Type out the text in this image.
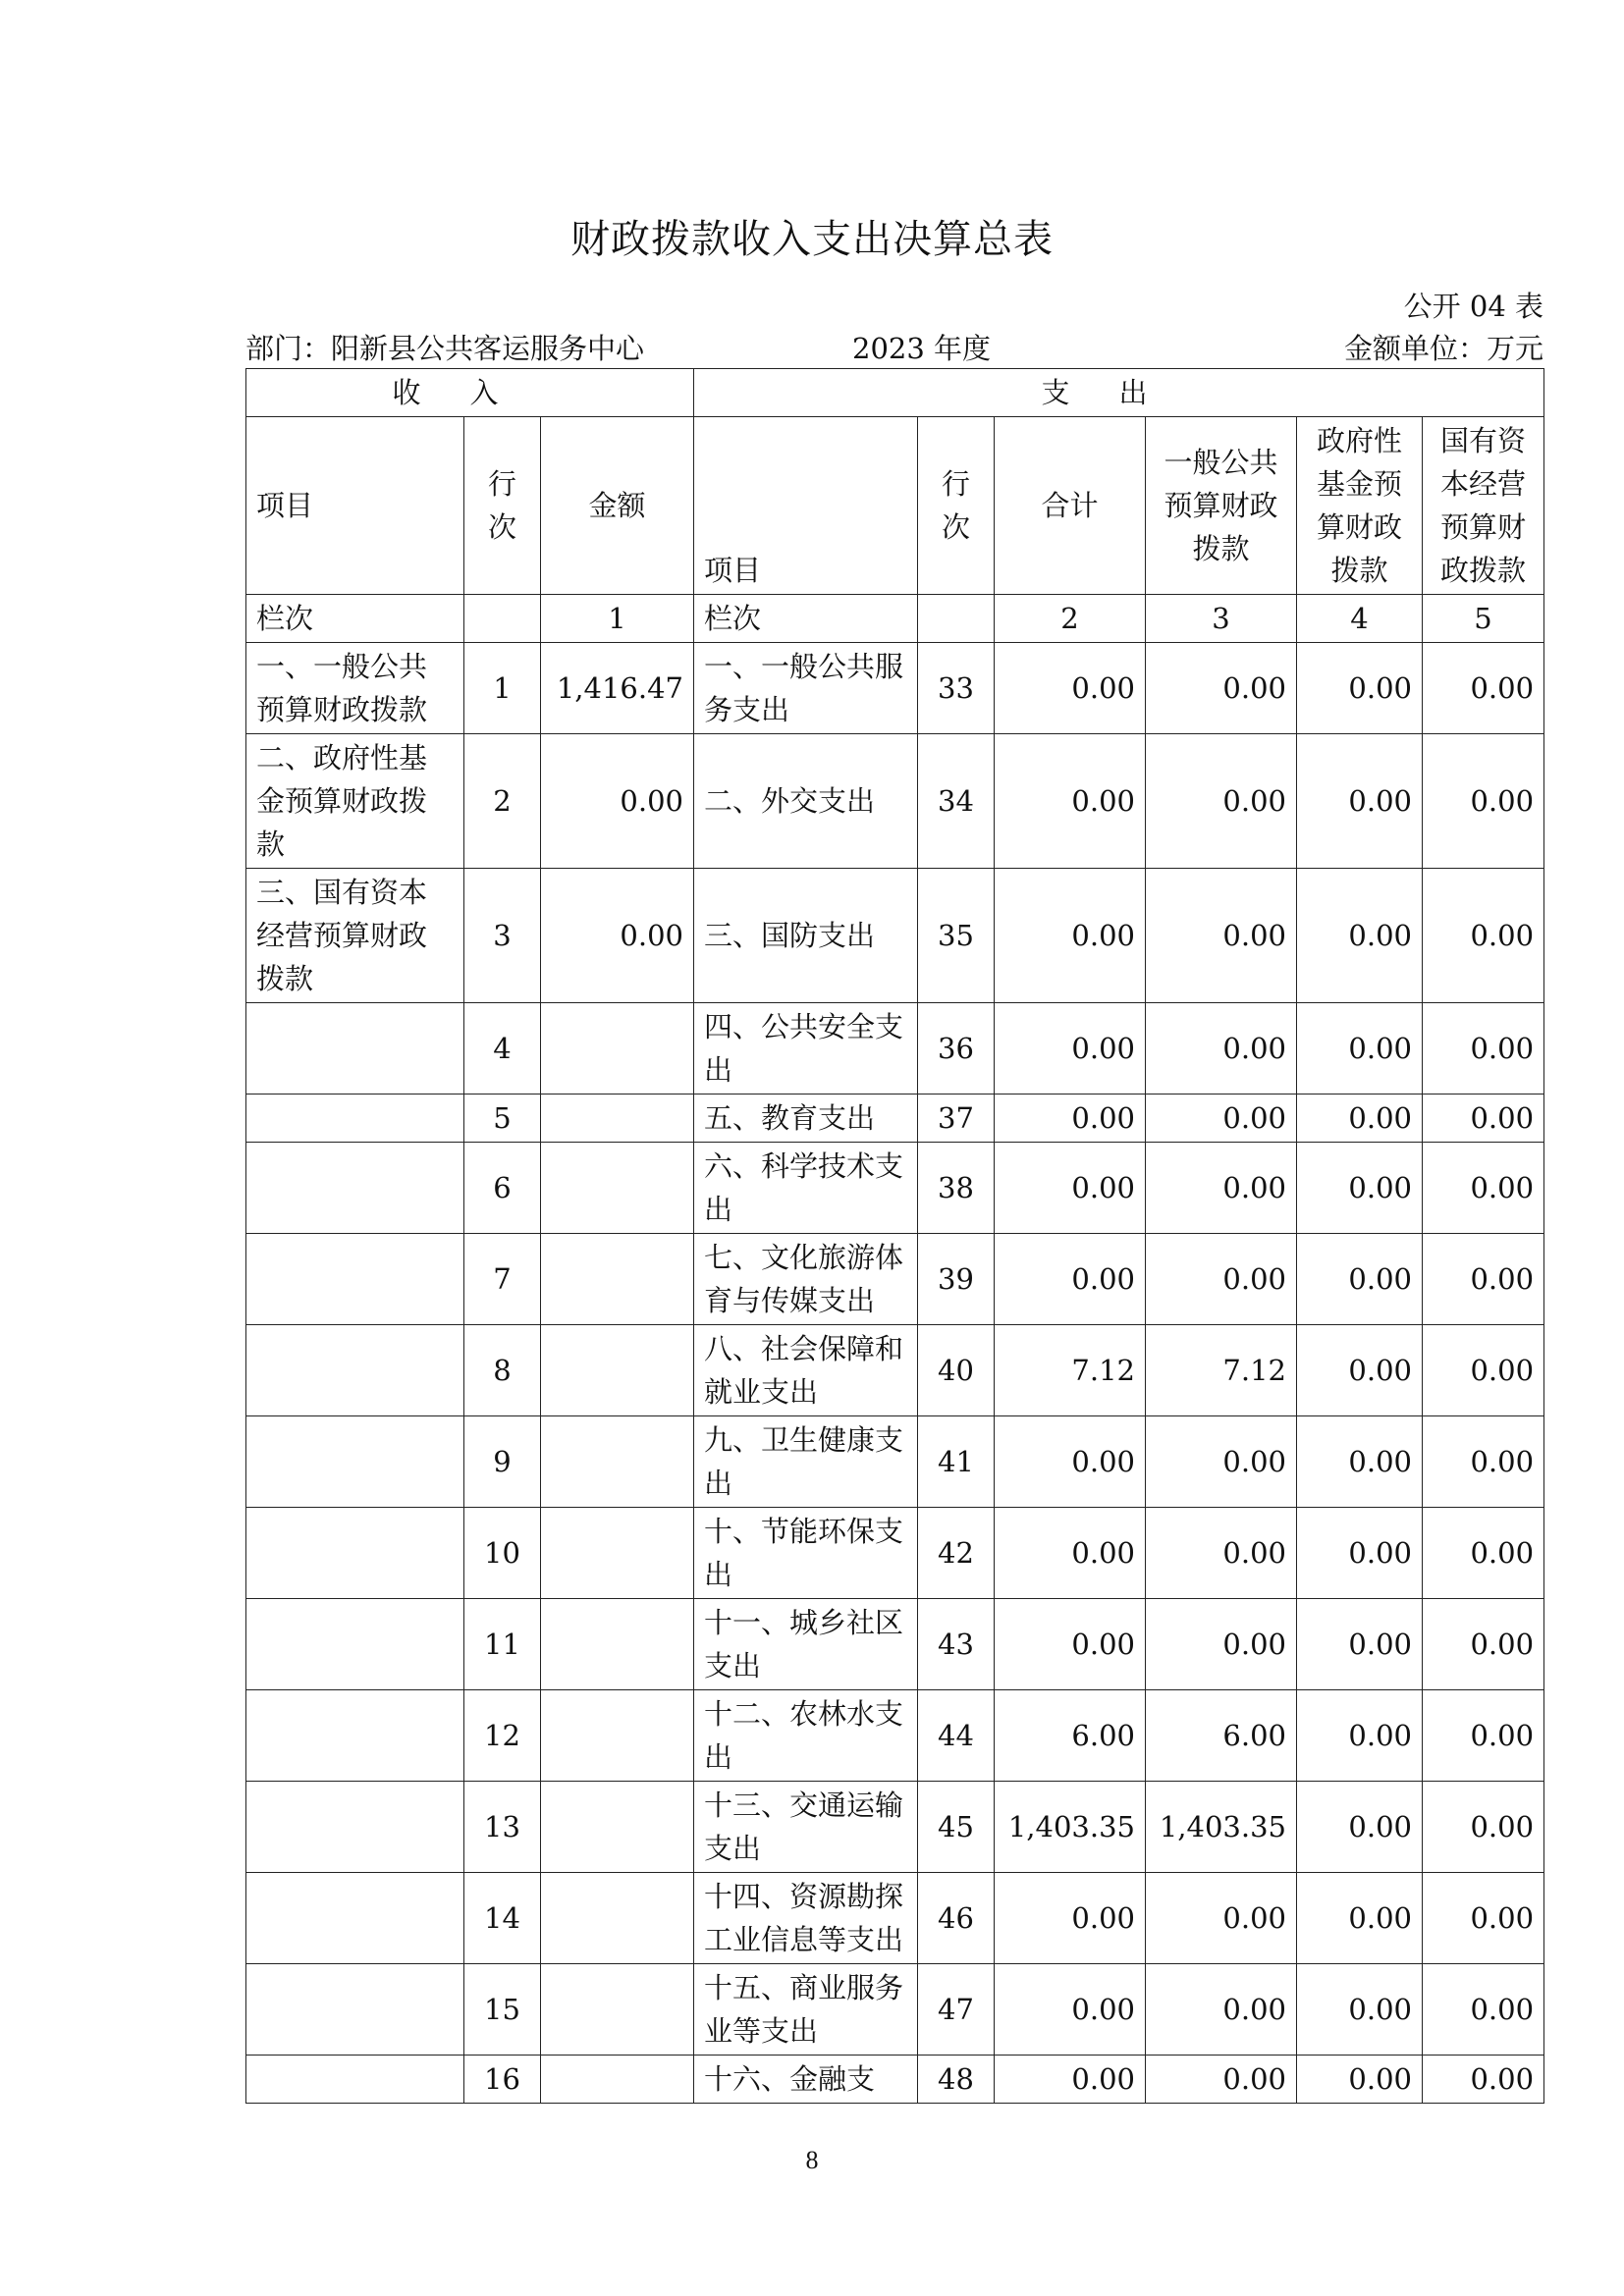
财政拨款收入支出决算总表
公开 04 表
部门：阳新县公共客运服务中心	2023 年度	金额单位：万元
收入			支出					
项目	行次	金额	项目	行次	合计	一般公共预算财政拨款	政府性基金预算财政拨款	国有资本经营预算财政拨款
栏次		1	栏次		2	3	4	5
一、一般公共预算财政拨款	1	1,416.47	一、一般公共服务支出	33	0.00	0.00	0.00	0.00
二、政府性基金预算财政拨款	2	0.00	二、外交支出	34	0.00	0.00	0.00	0.00
三、国有资本经营预算财政拨款	3	0.00	三、国防支出	35	0.00	0.00	0.00	0.00
	4		四、公共安全支出	36	0.00	0.00	0.00	0.00
	5		五、教育支出	37	0.00	0.00	0.00	0.00
	6		六、科学技术支出	38	0.00	0.00	0.00	0.00
	7		七、文化旅游体育与传媒支出	39	0.00	0.00	0.00	0.00
	8		八、社会保障和就业支出	40	7.12	7.12	0.00	0.00
	9		九、卫生健康支出	41	0.00	0.00	0.00	0.00
	10		十、节能环保支出	42	0.00	0.00	0.00	0.00
	11		十一、城乡社区支出	43	0.00	0.00	0.00	0.00
	12		十二、农林水支出	44	6.00	6.00	0.00	0.00
	13		十三、交通运输支出	45	1,403.35	1,403.35	0.00	0.00
	14		十四、资源勘探工业信息等支出	46	0.00	0.00	0.00	0.00
	15		十五、商业服务业等支出	47	0.00	0.00	0.00	0.00
	16		十六、金融支	48	0.00	0.00	0.00	0.00
8
